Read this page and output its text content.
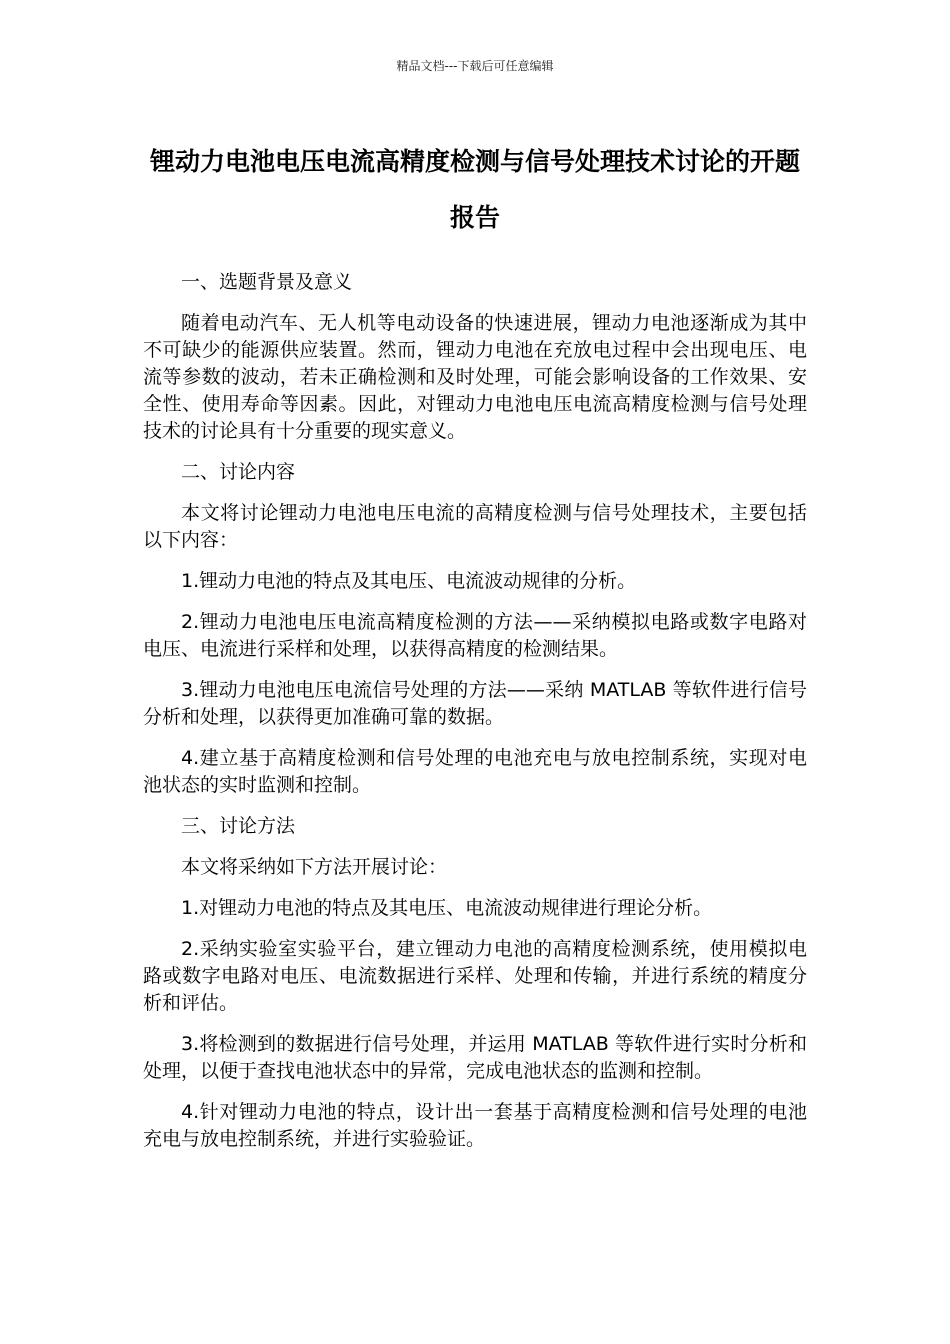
精品文档---下载后可任意编辑
锂动力电池电压电流高精度检测与信号处理技术讨论的开题报告

一、选题背景及意义

随着电动汽车、无人机等电动设备的快速进展，锂动力电池逐渐成为其中不可缺少的能源供应装置。然而，锂动力电池在充放电过程中会出现电压、电流等参数的波动，若未正确检测和及时处理，可能会影响设备的工作效果、安全性、使用寿命等因素。因此，对锂动力电池电压电流高精度检测与信号处理技术的讨论具有十分重要的现实意义。

二、讨论内容

本文将讨论锂动力电池电压电流的高精度检测与信号处理技术，主要包括以下内容：

1.锂动力电池的特点及其电压、电流波动规律的分析。

2.锂动力电池电压电流高精度检测的方法——采纳模拟电路或数字电路对电压、电流进行采样和处理，以获得高精度的检测结果。

3.锂动力电池电压电流信号处理的方法——采纳 MATLAB 等软件进行信号分析和处理，以获得更加准确可靠的数据。

4.建立基于高精度检测和信号处理的电池充电与放电控制系统，实现对电池状态的实时监测和控制。

三、讨论方法

本文将采纳如下方法开展讨论：

1.对锂动力电池的特点及其电压、电流波动规律进行理论分析。

2.采纳实验室实验平台，建立锂动力电池的高精度检测系统，使用模拟电路或数字电路对电压、电流数据进行采样、处理和传输，并进行系统的精度分析和评估。

3.将检测到的数据进行信号处理，并运用 MATLAB 等软件进行实时分析和处理，以便于查找电池状态中的异常，完成电池状态的监测和控制。

4.针对锂动力电池的特点，设计出一套基于高精度检测和信号处理的电池充电与放电控制系统，并进行实验验证。
